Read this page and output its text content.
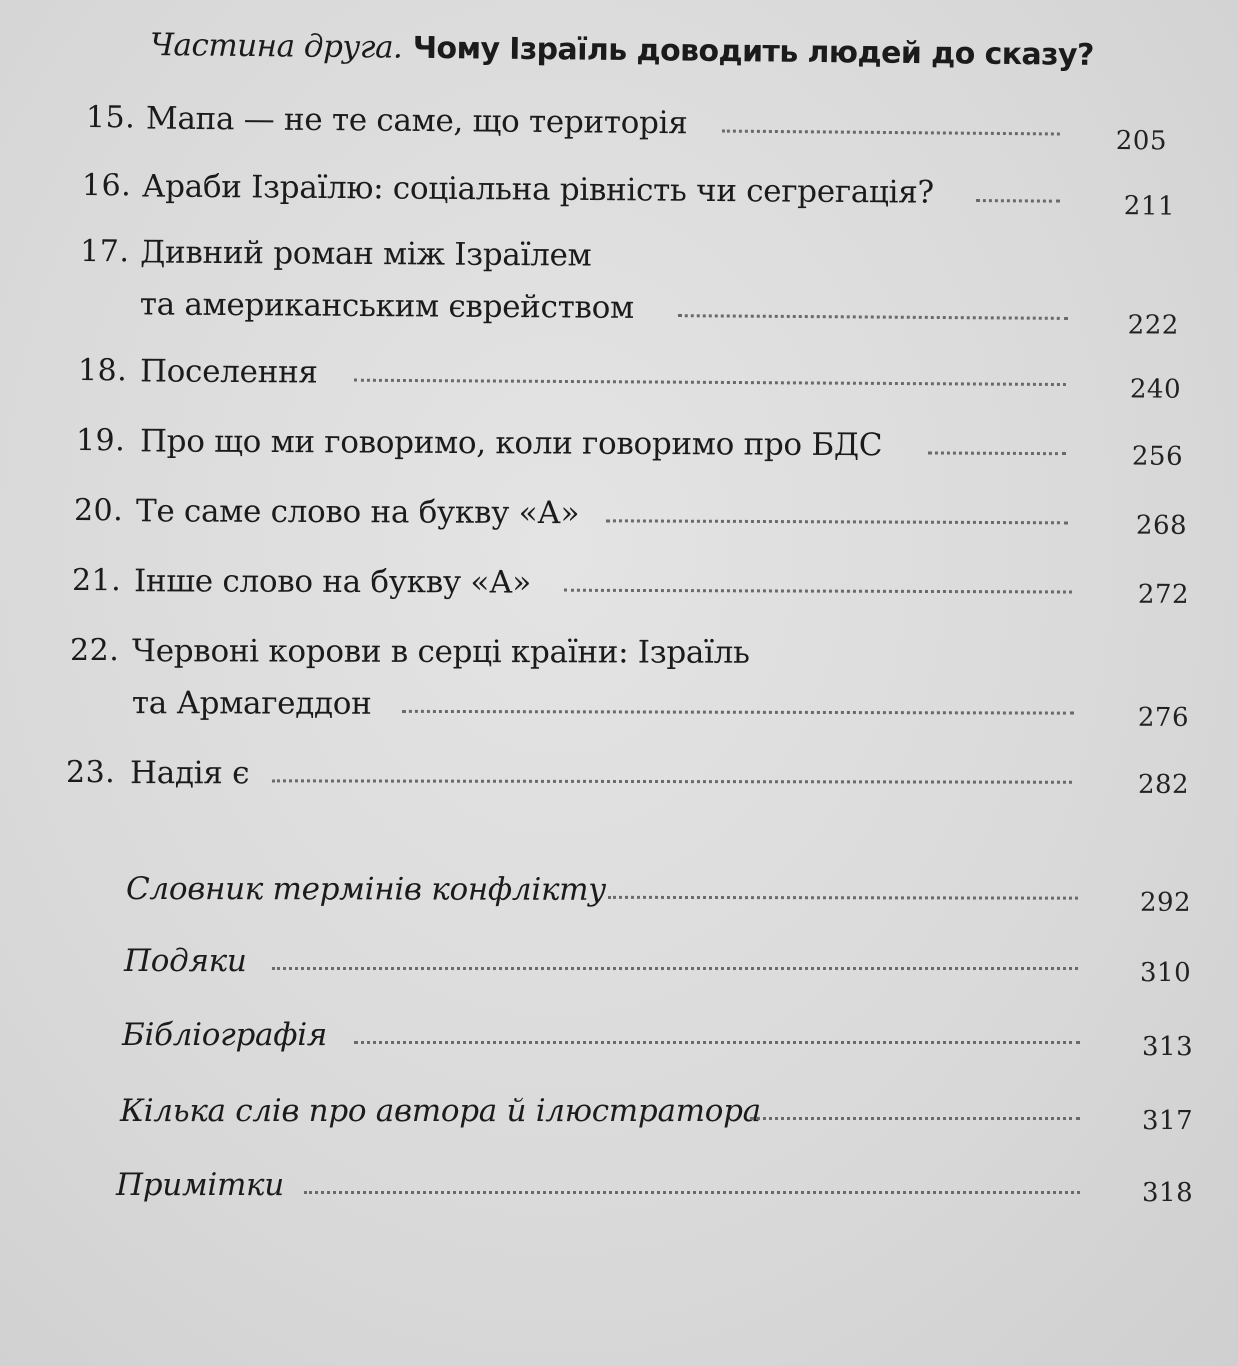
Частина друга. Чому Ізраїль доводить людей до сказу?
15. Мапа — не те саме, що територія	205
16. Араби Ізраїлю: соціальна рівність чи сегрегація?	211
17. Дивний роман між Ізраїлем
та американським єврейством	222
18. Поселення	240
19. Про що ми говоримо, коли говоримо про БДС	256
20. Те саме слово на букву «А»	268
21. Інше слово на букву «А»	272
22. Червоні корови в серці країни: Ізраїль
та Армагеддон	276
23. Надія є	282
Словник термінів конфлікту	292
Подяки	310
Бібліографія	313
Кілька слів про автора й ілюстратора	317
Примітки	318
